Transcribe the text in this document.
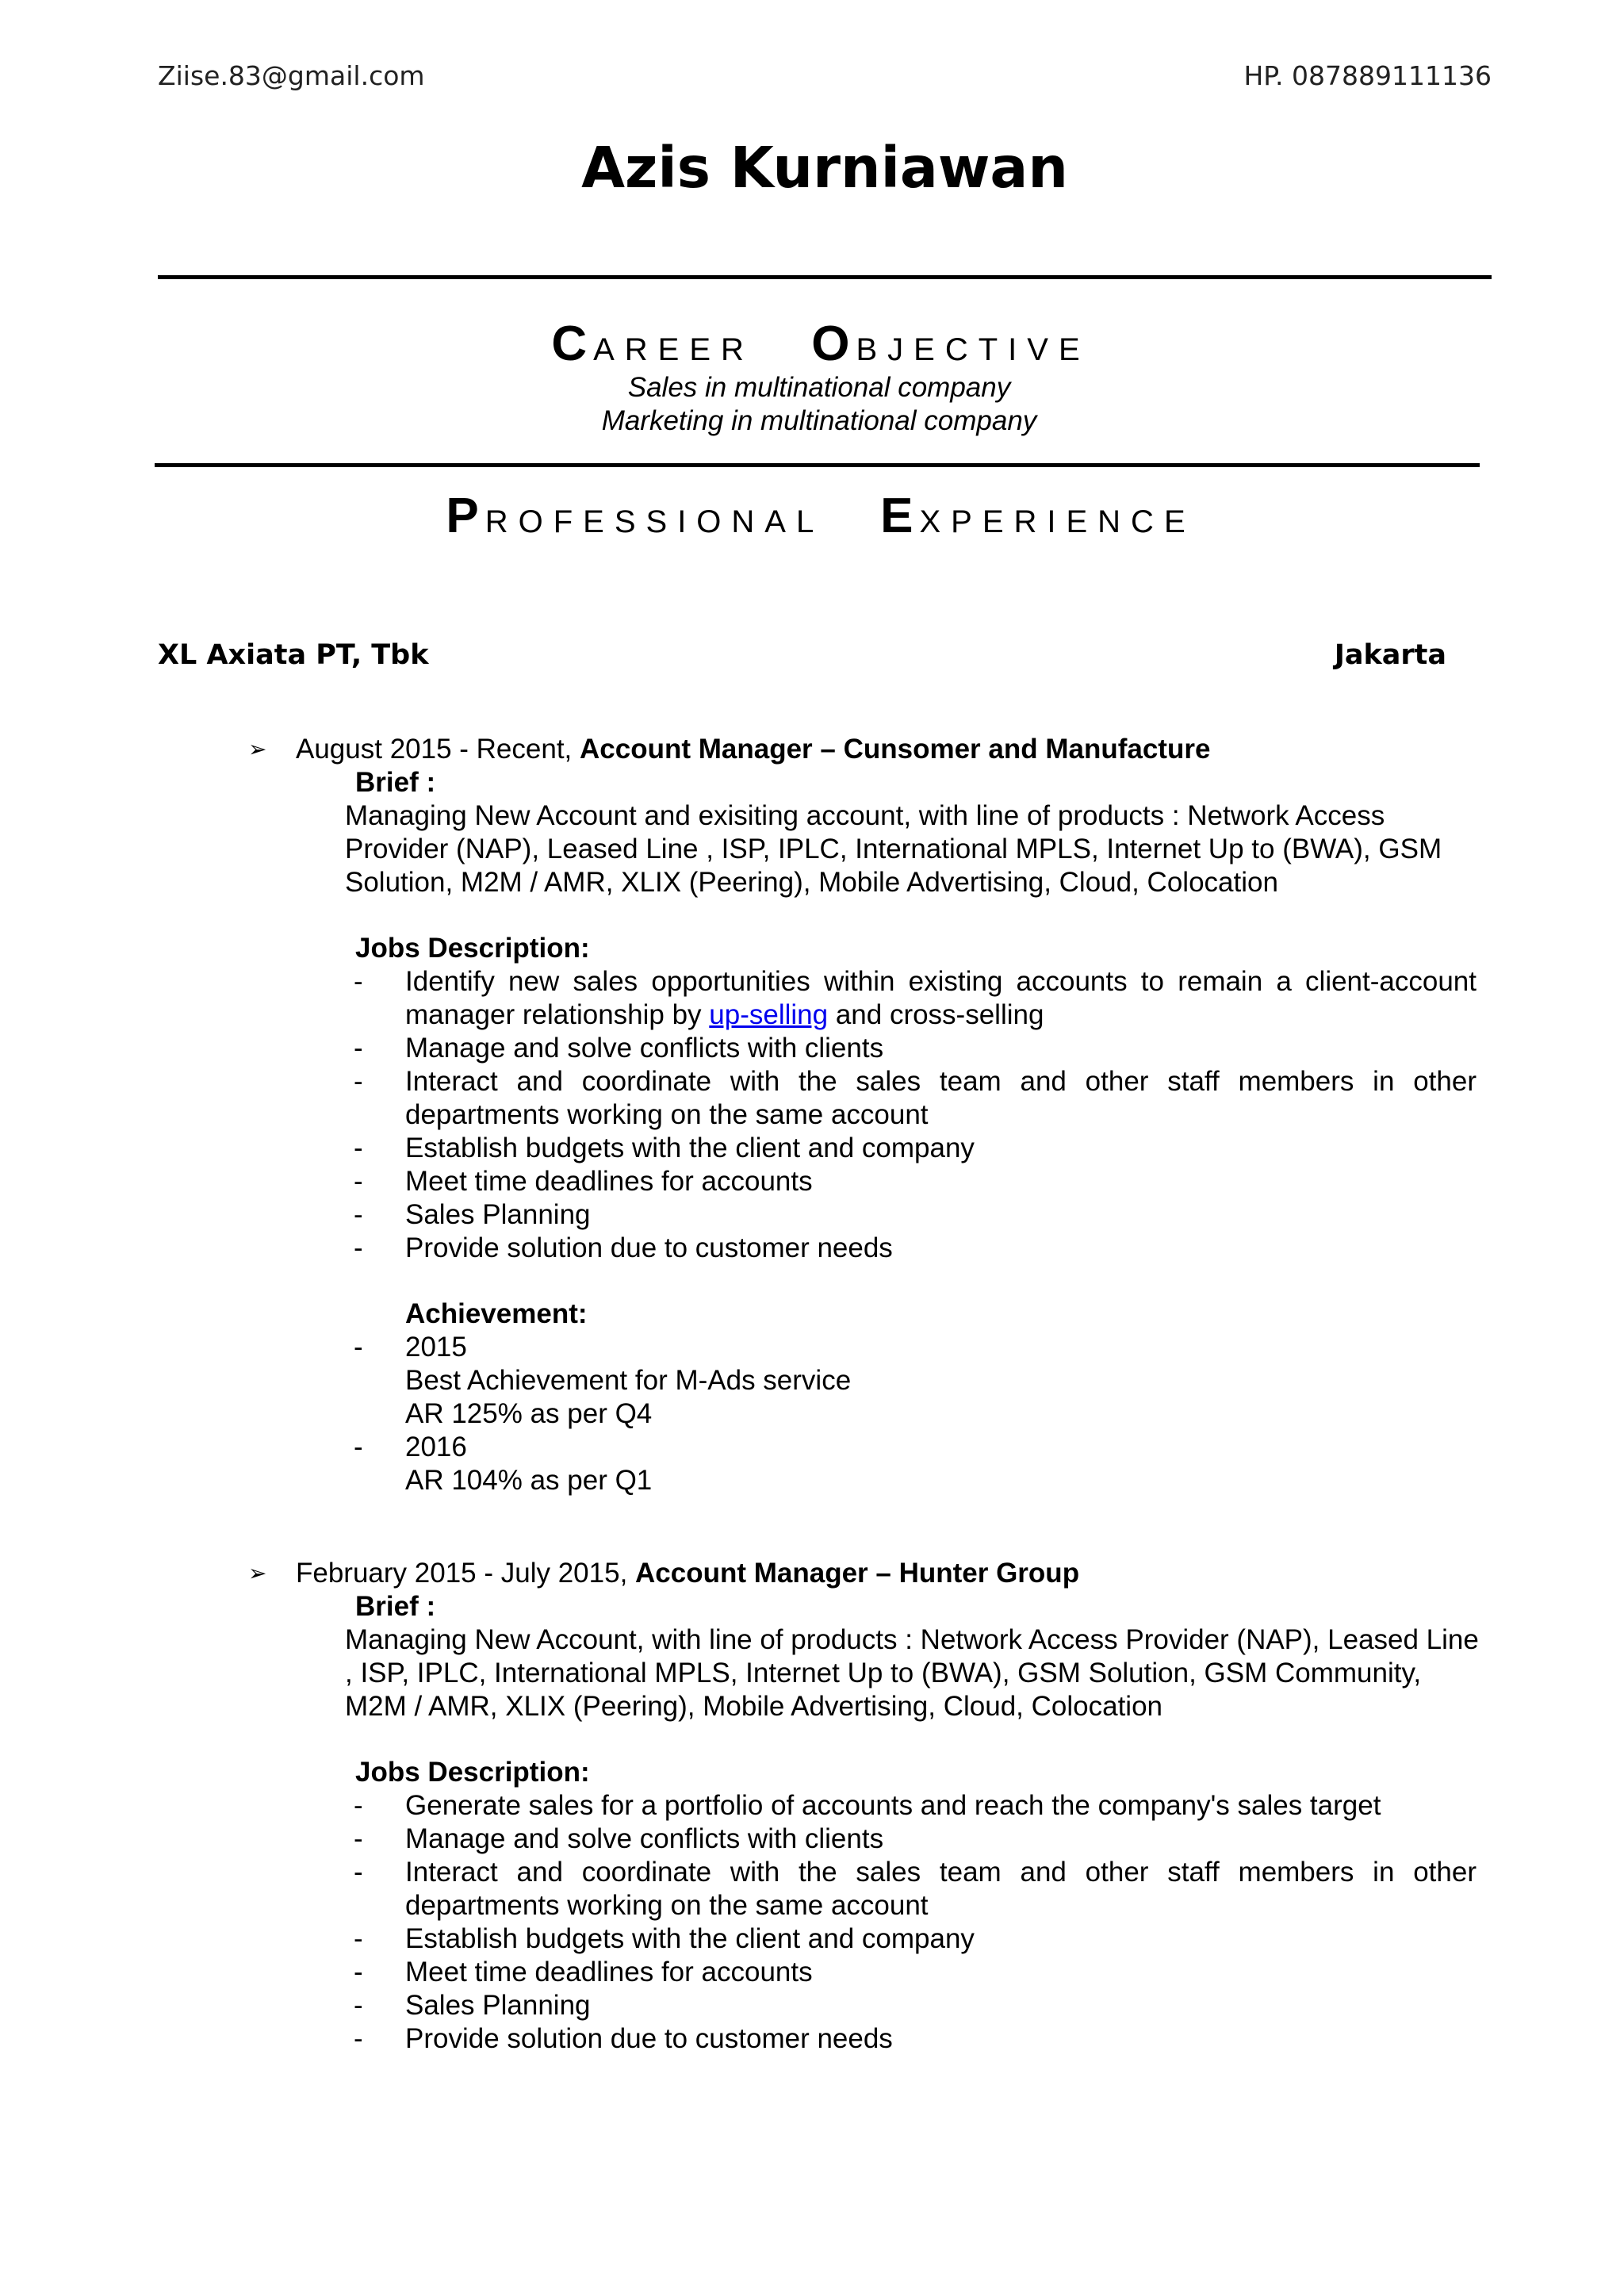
Ziise.83@gmail.com	HP. 087889111136
Azis Kurniawan
CAREER OBJECTIVE
Sales in multinational company
Marketing in multinational company
PROFESSIONAL EXPERIENCE
XL Axiata PT, Tbk	Jakarta
➢ August 2015 - Recent, Account Manager – Cunsomer and Manufacture
Brief :
Managing New Account and exisiting account, with line of products : Network Access Provider (NAP), Leased Line , ISP, IPLC, International MPLS, Internet Up to (BWA), GSM Solution, M2M / AMR, XLIX (Peering), Mobile Advertising, Cloud, Colocation
Jobs Description:
- Identify new sales opportunities within existing accounts to remain a client-account manager relationship by up-selling and cross-selling
- Manage and solve conflicts with clients
- Interact and coordinate with the sales team and other staff members in other departments working on the same account
- Establish budgets with the client and company
- Meet time deadlines for accounts
- Sales Planning
- Provide solution due to customer needs
Achievement:
- 2015
Best Achievement for M-Ads service
AR 125% as per Q4
- 2016
AR 104% as per Q1
➢ February 2015 - July 2015, Account Manager – Hunter Group
Brief :
Managing New Account, with line of products : Network Access Provider (NAP), Leased Line , ISP, IPLC, International MPLS, Internet Up to (BWA), GSM Solution, GSM Community, M2M / AMR, XLIX (Peering), Mobile Advertising, Cloud, Colocation
Jobs Description:
- Generate sales for a portfolio of accounts and reach the company's sales target
- Manage and solve conflicts with clients
- Interact and coordinate with the sales team and other staff members in other departments working on the same account
- Establish budgets with the client and company
- Meet time deadlines for accounts
- Sales Planning
- Provide solution due to customer needs
